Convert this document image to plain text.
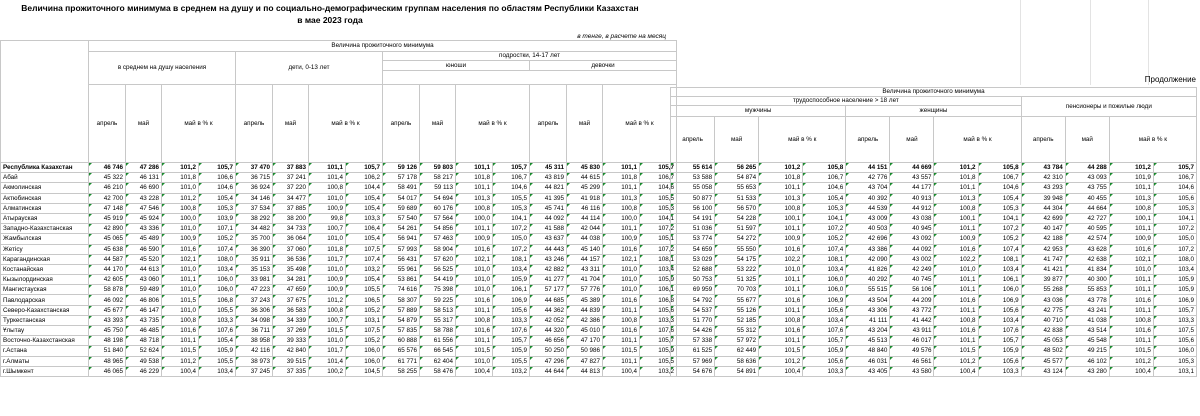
Величина прожиточного минимума в среднем на душу и по социально-демографическим группам населения по областям Республики Казахстан
в мае 2023 года
в тенге, в расчете на месяц
Продолжение
	Величина прожиточного минимума															
	в среднем на душу населения				дети, 0-13 лет				подростки, 14-17 лет							
									юноши				девочки			

	апрель	май	май в % к		апрель	май	май в % к		апрель	май	май в % к		апрель	май	май в % к	
Республика Казахстан	46 746	47 286	101,2	105,7	37 470	37 883	101,1	105,7	59 126	59 803	101,1	105,7	45 311	45 830	101,1	105,7
Абай	45 322	46 131	101,8	106,6	36 715	37 241	101,4	106,2	57 178	58 217	101,8	106,7	43 819	44 615	101,8	106,7
Акмолинская	46 210	46 690	101,0	104,6	36 924	37 220	100,8	104,4	58 491	59 113	101,1	104,6	44 821	45 299	101,1	104,6
Актюбинская	42 700	43 228	101,2	105,4	34 146	34 477	101,0	105,4	54 017	54 694	101,3	105,5	41 395	41 918	101,3	105,5
Алматинская	47 148	47 546	100,8	105,3	37 534	37 885	100,9	105,4	59 689	60 176	100,8	105,3	45 741	46 116	100,8	105,3
Атырауская	45 919	45 924	100,0	103,9	38 292	38 200	99,8	103,3	57 540	57 564	100,0	104,1	44 092	44 114	100,0	104,1
Западно-Казахстанская	42 890	43 336	101,0	107,1	34 482	34 733	100,7	106,4	54 261	54 856	101,1	107,2	41 588	42 044	101,1	107,2
Жамбылская	45 065	45 489	100,9	105,2	35 700	36 064	101,0	105,4	56 941	57 463	100,9	105,0	43 637	44 038	100,9	105,1
Жетісу	45 638	46 590	101,6	107,4	36 390	37 060	101,8	107,5	57 993	58 904	101,6	107,2	44 443	45 140	101,6	107,2
Карагандинская	44 587	45 520	102,1	108,0	35 911	36 536	101,7	107,4	56 431	57 620	102,1	108,1	43 246	44 157	102,1	108,1
Костанайская	44 170	44 613	101,0	103,4	35 153	35 498	101,0	103,2	55 961	56 525	101,0	103,4	42 882	43 311	101,0	103,4
Кызылординская	42 605	43 060	101,1	106,0	33 981	34 281	100,9	105,4	53 861	54 419	101,0	105,9	41 277	41 704	101,0	105,9
Мангистауская	58 878	59 489	101,0	106,0	47 223	47 659	100,9	105,5	74 616	75 398	101,0	106,1	57 177	57 776	101,0	106,1
Павлодарская	46 092	46 806	101,5	106,8	37 243	37 675	101,2	106,5	58 307	59 225	101,6	106,9	44 685	45 389	101,6	106,8
Северо-Казахстанская	45 677	46 147	101,0	105,5	36 306	36 583	100,8	105,2	57 889	58 513	101,1	105,6	44 362	44 839	101,1	105,6
Туркестанская	43 393	43 735	100,8	103,3	34 098	34 339	100,7	103,1	54 879	55 317	100,8	103,3	42 052	42 386	100,8	103,3
Ұлытау	45 750	46 485	101,6	107,6	36 711	37 269	101,5	107,5	57 835	58 788	101,6	107,6	44 320	45 010	101,6	107,6
Восточно-Казахстанская	48 198	48 718	101,1	105,4	38 958	39 333	101,0	105,2	60 888	61 556	101,1	105,7	46 656	47 170	101,1	105,7
г.Астана	51 840	52 624	101,5	105,9	42 116	42 840	101,7	106,0	65 576	66 545	101,5	105,9	50 250	50 986	101,5	105,9
г.Алматы	48 965	49 538	101,2	105,5	38 973	39 515	101,4	106,0	61 771	62 404	101,0	105,5	47 296	47 827	101,1	105,5
г.Шымкент	46 065	46 229	100,4	103,4	37 245	37 335	100,2	104,5	58 255	58 476	100,4	103,2	44 644	44 813	100,4	103,2
Величина прожиточного минимума											
трудоспособное население > 18 лет								пенсионеры и пожилые люди			
мужчины				женщины							
апрель	май	май в % к		апрель	май	май в % к		апрель	май	май в % к	
55 614	56 265	101,2	105,8	44 151	44 669	101,2	105,8	43 784	44 288	101,2	105,7
53 588	54 874	101,8	106,7	42 776	43 557	101,8	106,7	42 310	43 093	101,9	106,7
55 058	55 653	101,1	104,6	43 704	44 177	101,1	104,6	43 293	43 755	101,1	104,6
50 877	51 533	101,3	105,4	40 392	40 913	101,3	105,4	39 948	40 455	101,3	105,6
56 100	56 570	100,8	105,3	44 539	44 912	100,8	105,3	44 304	44 664	100,8	105,3
54 191	54 228	100,1	104,1	43 009	43 038	100,1	104,1	42 699	42 727	100,1	104,1
51 036	51 597	101,1	107,2	40 503	40 945	101,1	107,2	40 147	40 595	101,1	107,2
53 774	54 272	100,9	105,2	42 696	43 092	100,9	105,2	42 188	42 574	100,9	105,0
54 659	55 550	101,6	107,4	43 386	44 092	101,6	107,4	42 953	43 628	101,6	107,2
53 029	54 175	102,2	108,1	42 090	43 002	102,2	108,1	41 747	42 638	102,1	108,0
52 688	53 222	101,0	103,4	41 826	42 249	101,0	103,4	41 421	41 834	101,0	103,4
50 753	51 325	101,1	106,0	40 292	40 745	101,1	106,1	39 877	40 300	101,1	105,9
69 959	70 703	101,1	106,0	55 515	56 106	101,1	106,0	55 268	55 853	101,1	105,9
54 792	55 677	101,6	106,9	43 504	44 209	101,6	106,9	43 036	43 778	101,6	106,9
54 537	55 126	101,1	105,6	43 306	43 772	101,1	105,6	42 775	43 241	101,1	105,7
51 770	52 185	100,8	103,4	41 111	41 442	100,8	103,4	40 710	41 038	100,8	103,3
54 426	55 312	101,6	107,6	43 204	43 911	101,6	107,6	42 838	43 514	101,6	107,5
57 338	57 972	101,1	105,7	45 513	46 017	101,1	105,7	45 053	45 548	101,1	105,6
61 525	62 449	101,5	105,9	48 840	49 576	101,5	105,9	48 502	49 215	101,5	106,0
57 969	58 636	101,2	105,6	46 031	46 561	101,2	105,6	45 577	46 102	101,2	105,3
54 676	54 891	100,4	103,3	43 405	43 580	100,4	103,3	43 124	43 280	100,4	103,1
